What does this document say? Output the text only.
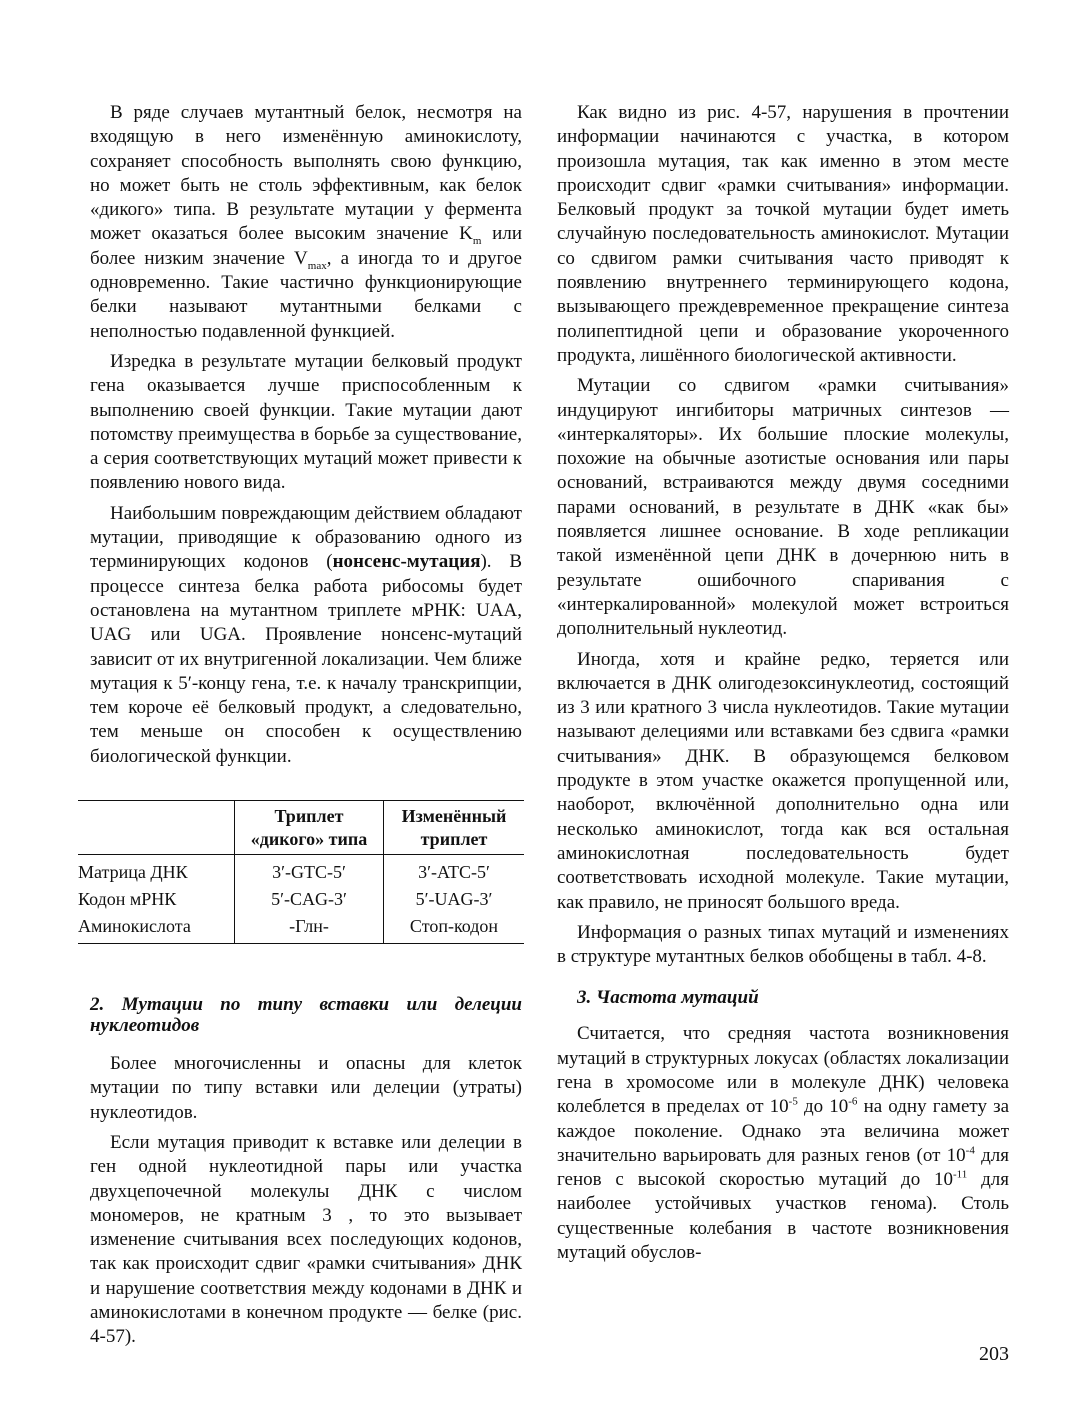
В ряде случаев мутантный белок, несмотря на входящую в него изменённую аминокислоту, сохраняет способность выполнять свою функцию, но может быть не столь эффективным, как белок «дикого» типа. В результате мутации у фермента может оказаться более высоким значение $K_m$ или более низким значение $V_{max}$, а иногда то и другое одновременно. Такие частично функционирующие белки называют мутантными белками с неполностью подавленной функцией.

Изредка в результате мутации белковый продукт гена оказывается лучше приспособленным к выполнению своей функции. Такие мутации дают потомству преимущества в борьбе за существование, а серия соответствующих мутаций может привести к появлению нового вида.

Наибольшим повреждающим действием обладают мутации, приводящие к образованию одного из терминирующих кодонов (нонсенс-мутация). В процессе синтеза белка работа рибосомы будет остановлена на мутантном триплете мРНК: UAA, UAG или UGA. Проявление нонсенс-мутаций зависит от их внутригенной локализации. Чем ближе мутация к 5′-концу гена, т.е. к началу транскрипции, тем короче её белковый продукт, а следовательно, тем меньше он способен к осуществлению биологической функции.

	Триплет «дикого» типа	Изменённый триплет
Матрица ДНК	3′-GTC-5′	3′-ATC-5′
Кодон мРНК	5′-CAG-3′	5′-UAG-3′
Аминокислота	-Глн-	Стоп-кодон
2. Мутации по типу вставки или делеции нуклеотидов

Более многочисленны и опасны для клеток мутации по типу вставки или делеции (утраты) нуклеотидов.

Если мутация приводит к вставке или делеции в ген одной нуклеотидной пары или участка двухцепочечной молекулы ДНК с числом мономеров, не кратным 3 , то это вызывает изменение считывания всех последующих кодонов, так как происходит сдвиг «рамки считывания» ДНК и нарушение соответствия между кодонами в ДНК и аминокислотами в конечном продукте — белке (рис. 4-57).

Как видно из рис. 4-57, нарушения в прочтении информации начинаются с участка, в котором произошла мутация, так как именно в этом месте происходит сдвиг «рамки считывания» информации. Белковый продукт за точкой мутации будет иметь случайную последовательность аминокислот. Мутации со сдвигом рамки считывания часто приводят к появлению внутреннего терминирующего кодона, вызывающего преждевременное прекращение синтеза полипептидной цепи и образование укороченного продукта, лишённого биологической активности.

Мутации со сдвигом «рамки считывания» индуцируют ингибиторы матричных синтезов — «интеркаляторы». Их большие плоские молекулы, похожие на обычные азотистые основания или пары оснований, встраиваются между двумя соседними парами оснований, в результате в ДНК «как бы» появляется лишнее основание. В ходе репликации такой изменённой цепи ДНК в дочернюю нить в результате ошибочного спаривания с «интеркалированной» молекулой может встроиться дополнительный нуклеотид.

Иногда, хотя и крайне редко, теряется или включается в ДНК олигодезоксинуклеотид, состоящий из 3 или кратного 3 числа нуклеотидов. Такие мутации называют делециями или вставками без сдвига «рамки считывания» ДНК. В образующемся белковом продукте в этом участке окажется пропущенной или, наоборот, включённой дополнительно одна или несколько аминокислот, тогда как вся остальная аминокислотная последовательность будет соответствовать исходной молекуле. Такие мутации, как правило, не приносят большого вреда.

Информация о разных типах мутаций и изменениях в структуре мутантных белков обобщены в табл. 4-8.

3. Частота мутаций

Считается, что средняя частота возникновения мутаций в структурных локусах (областях локализации гена в хромосоме или в молекуле ДНК) человека колеблется в пределах от $10^{-5}$ до $10^{-6}$ на одну гамету за каждое поколение. Однако эта величина может значительно варьировать для разных генов (от $10^{-4}$ для генов с высокой скоростью мутаций до $10^{-11}$ для наиболее устойчивых участков генома). Столь существенные колебания в частоте возникновения мутаций обуслов-

203
